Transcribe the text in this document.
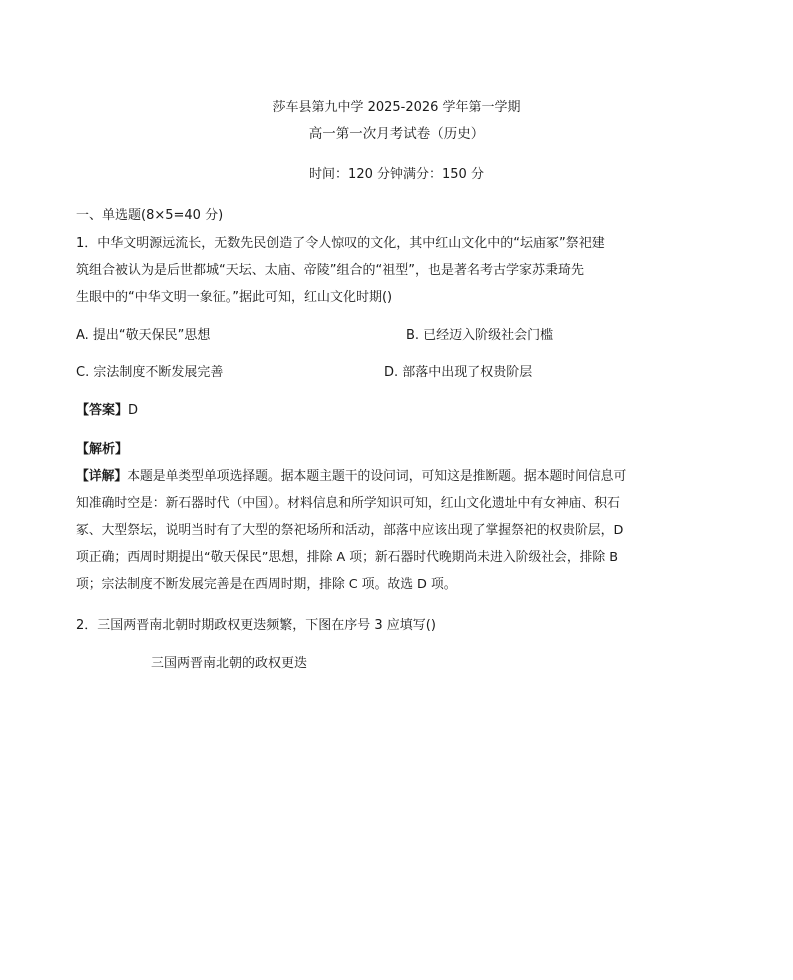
莎车县第九中学 2025-2026 学年第一学期
高一第一次月考试卷（历史）
时间：120 分钟满分：150 分
一、单选题(8×5=40 分)
1．中华文明源远流长，无数先民创造了令人惊叹的文化，其中红山文化中的“坛庙冢”祭祀建
筑组合被认为是后世都城“天坛、太庙、帝陵”组合的“祖型”，也是著名考古学家苏秉琦先
生眼中的“中华文明一象征。”据此可知，红山文化时期()
A. 提出“敬天保民”思想	B. 已经迈入阶级社会门槛
C. 宗法制度不断发展完善	D. 部落中出现了权贵阶层
【答案】D
【解析】
【详解】本题是单类型单项选择题。据本题主题干的设问词，可知这是推断题。据本题时间信息可
知准确时空是：新石器时代（中国）。材料信息和所学知识可知，红山文化遗址中有女神庙、积石
冢、大型祭坛，说明当时有了大型的祭祀场所和活动，部落中应该出现了掌握祭祀的权贵阶层，D
项正确；西周时期提出“敬天保民”思想，排除 A 项；新石器时代晚期尚未进入阶级社会，排除 B
项；宗法制度不断发展完善是在西周时期，排除 C 项。故选 D 项。
2．三国两晋南北朝时期政权更迭频繁，下图在序号 3 应填写()
三国两晋南北朝的政权更迭
